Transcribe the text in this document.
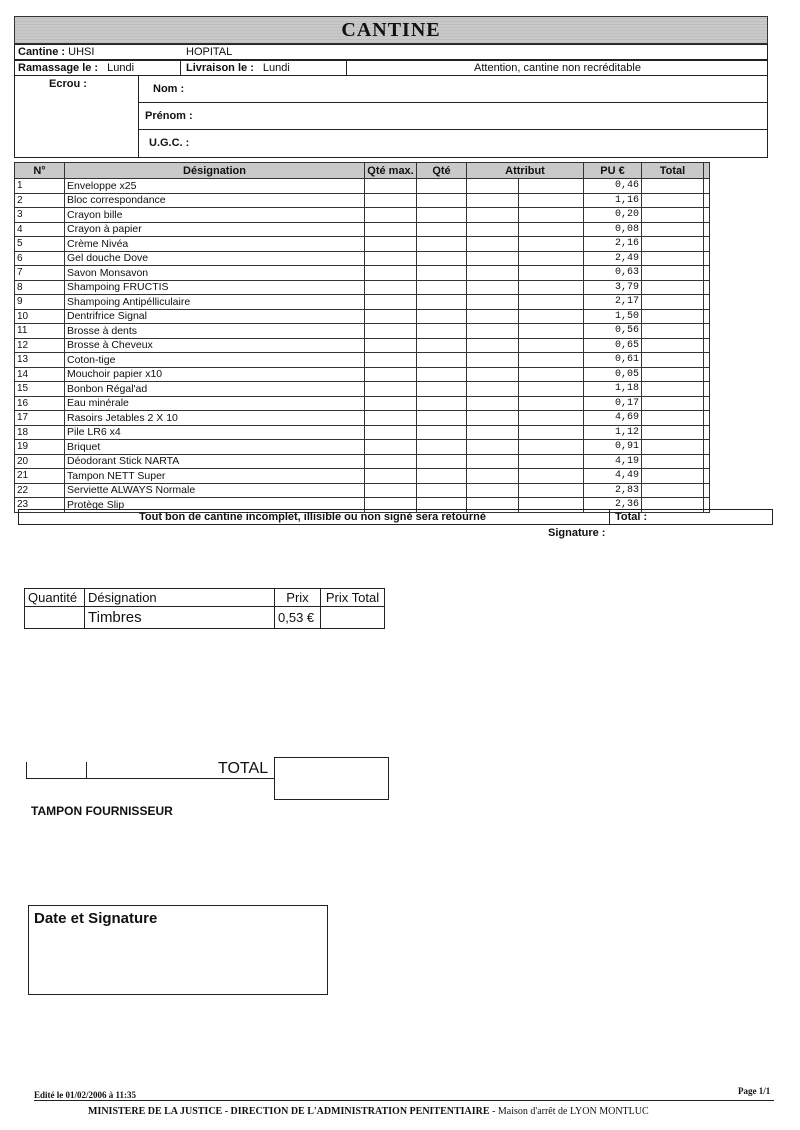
CANTINE
Cantine : UHSI	HOPITAL
Ramassage le : Lundi	Livraison le : Lundi	Attention, cantine non recréditable
Ecrou :	Nom :
Prénom :
U.G.C. :
N°	Désignation	Qté max.	Qté	Attribut		PU €	Total	
1	Enveloppe x25					0,46		
2	Bloc correspondance					1,16		
3	Crayon bille					0,20		
4	Crayon à papier					0,08		
5	Crème Nivéa					2,16		
6	Gel douche Dove					2,49		
7	Savon Monsavon					0,63		
8	Shampoing FRUCTIS					3,79		
9	Shampoing Antipélliculaire					2,17		
10	Dentrifrice Signal					1,50		
11	Brosse à dents					0,56		
12	Brosse à Cheveux					0,65		
13	Coton-tige					0,61		
14	Mouchoir papier x10					0,05		
15	Bonbon Régal'ad					1,18		
16	Eau minérale					0,17		
17	Rasoirs Jetables 2 X 10					4,69		
18	Pile LR6 x4					1,12		
19	Briquet					0,91		
20	Déodorant Stick NARTA					4,19		
21	Tampon NETT Super					4,49		
22	Serviette ALWAYS Normale					2,83		
23	Protège Slip					2,36		
Tout bon de cantine incomplet, illisible ou non signé sera retourné	Total :
Signature :
Quantité	Désignation	Prix	Prix Total
	Timbres	0,53 €	
TOTAL
TAMPON FOURNISSEUR
Date et Signature
Edité le 01/02/2006 à 11:35	Page 1/1
MINISTERE DE LA JUSTICE - DIRECTION DE L'ADMINISTRATION PENITENTIAIRE - Maison d'arrêt de LYON MONTLUC
